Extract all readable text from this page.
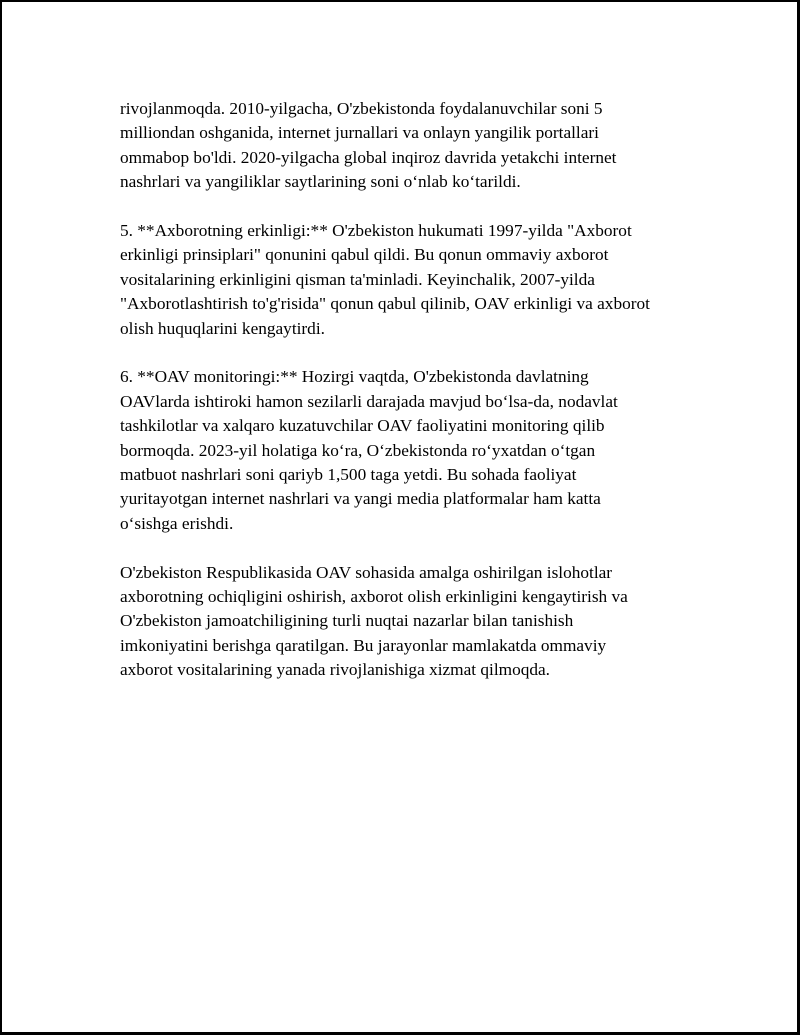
rivojlanmoqda. 2010-yilgacha, O'zbekistonda foydalanuvchilar soni 5
milliondan oshganida, internet jurnallari va onlayn yangilik portallari
ommabop bo'ldi. 2020-yilgacha global inqiroz davrida yetakchi internet
nashrlari va yangiliklar saytlarining soni oʻnlab koʻtarildi.

5. **Axborotning erkinligi:** O'zbekiston hukumati 1997-yilda "Axborot
erkinligi prinsiplari" qonunini qabul qildi. Bu qonun ommaviy axborot
vositalarining erkinligini qisman ta'minladi. Keyinchalik, 2007-yilda
"Axborotlashtirish to'g'risida" qonun qabul qilinib, OAV erkinligi va axborot
olish huquqlarini kengaytirdi.

6. **OAV monitoringi:** Hozirgi vaqtda, O'zbekistonda davlatning
OAVlarda ishtiroki hamon sezilarli darajada mavjud boʻlsa-da, nodavlat
tashkilotlar va xalqaro kuzatuvchilar OAV faoliyatini monitoring qilib
bormoqda. 2023-yil holatiga koʻra, Oʻzbekistonda roʻyxatdan oʻtgan
matbuot nashrlari soni qariyb 1,500 taga yetdi. Bu sohada faoliyat
yuritayotgan internet nashrlari va yangi media platformalar ham katta
oʻsishga erishdi.

O'zbekiston Respublikasida OAV sohasida amalga oshirilgan islohotlar
axborotning ochiqligini oshirish, axborot olish erkinligini kengaytirish va
O'zbekiston jamoatchiligining turli nuqtai nazarlar bilan tanishish
imkoniyatini berishga qaratilgan. Bu jarayonlar mamlakatda ommaviy
axborot vositalarining yanada rivojlanishiga xizmat qilmoqda.
